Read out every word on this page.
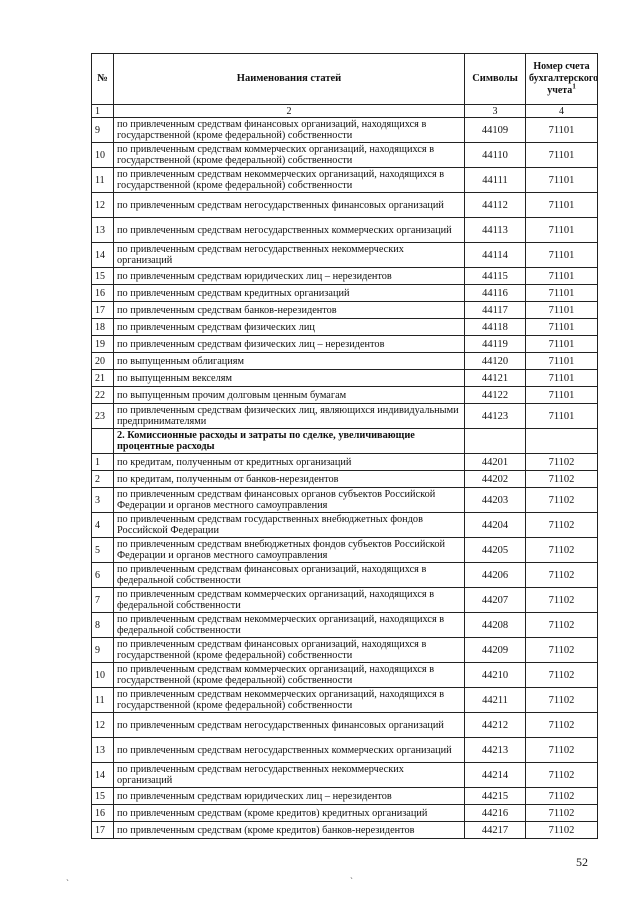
№	Наименования статей	Символы	Номер счета бухгалтерского учета$^1$
1	2	3	4
9	по привлеченным средствам финансовых организаций, находящихся в государственной (кроме федеральной) собственности	44109	71101
10	по привлеченным средствам коммерческих организаций, находящихся в государственной (кроме федеральной) собственности	44110	71101
11	по привлеченным средствам некоммерческих организаций, находящихся в государственной (кроме федеральной) собственности	44111	71101
12	по привлеченным средствам негосударственных финансовых организаций	44112	71101
13	по привлеченным средствам негосударственных коммерческих организаций	44113	71101
14	по привлеченным средствам негосударственных некоммерческих организаций	44114	71101
15	по привлеченным средствам юридических лиц – нерезидентов	44115	71101
16	по привлеченным средствам кредитных организаций	44116	71101
17	по привлеченным средствам банков-нерезидентов	44117	71101
18	по привлеченным средствам физических лиц	44118	71101
19	по привлеченным средствам физических лиц – нерезидентов	44119	71101
20	по выпущенным облигациям	44120	71101
21	по выпущенным векселям	44121	71101
22	по выпущенным прочим долговым ценным бумагам	44122	71101
23	по привлеченным средствам физических лиц, являющихся индивидуальными предпринимателями	44123	71101
	2. Комиссионные расходы и затраты по сделке, увеличивающие процентные расходы		
1	по кредитам, полученным от кредитных организаций	44201	71102
2	по кредитам, полученным от банков-нерезидентов	44202	71102
3	по привлеченным средствам финансовых органов субъектов Российской Федерации и органов местного самоуправления	44203	71102
4	по привлеченным средствам государственных внебюджетных фондов Российской Федерации	44204	71102
5	по привлеченным средствам внебюджетных фондов субъектов Российской Федерации и органов местного самоуправления	44205	71102
6	по привлеченным средствам финансовых организаций, находящихся в федеральной собственности	44206	71102
7	по привлеченным средствам коммерческих организаций, находящихся в федеральной собственности	44207	71102
8	по привлеченным средствам некоммерческих организаций, находящихся в федеральной собственности	44208	71102
9	по привлеченным средствам финансовых организаций, находящихся в государственной (кроме федеральной) собственности	44209	71102
10	по привлеченным средствам коммерческих организаций, находящихся в государственной (кроме федеральной) собственности	44210	71102
11	по привлеченным средствам некоммерческих организаций, находящихся в государственной (кроме федеральной) собственности	44211	71102
12	по привлеченным средствам негосударственных финансовых организаций	44212	71102
13	по привлеченным средствам негосударственных коммерческих организаций	44213	71102
14	по привлеченным средствам негосударственных некоммерческих организаций	44214	71102
15	по привлеченным средствам юридических лиц – нерезидентов	44215	71102
16	по привлеченным средствам (кроме кредитов) кредитных организаций	44216	71102
17	по привлеченным средствам (кроме кредитов) банков-нерезидентов	44217	71102
52
ˋ	ˋ
